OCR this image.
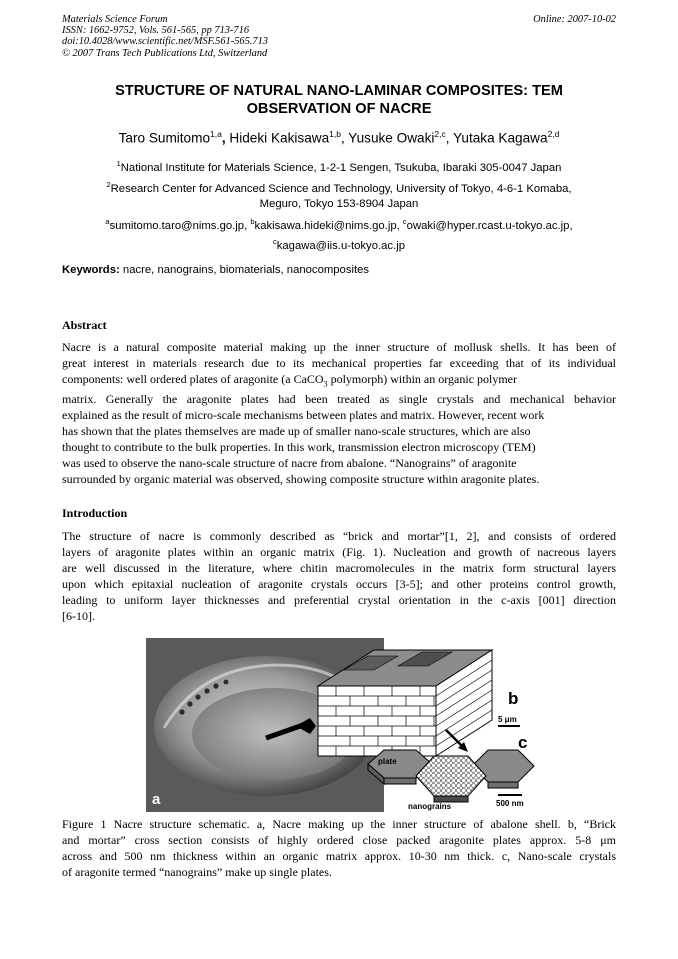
Materials Science Forum
ISSN: 1662-9752, Vols. 561-565, pp 713-716
doi:10.4028/www.scientific.net/MSF.561-565.713
© 2007 Trans Tech Publications Ltd, Switzerland
Online: 2007-10-02
STRUCTURE OF NATURAL NANO-LAMINAR COMPOSITES: TEM
OBSERVATION OF NACRE
Taro Sumitomo$^{1,a}$, Hideki Kakisawa$^{1,b}$, Yusuke Owaki$^{2,c}$, Yutaka Kagawa$^{2,d}$
$^1$National Institute for Materials Science, 1-2-1 Sengen, Tsukuba, Ibaraki 305-0047 Japan
$^2$Research Center for Advanced Science and Technology, University of Tokyo, 4-6-1 Komaba,
Meguro, Tokyo 153-8904 Japan
$^a$sumitomo.taro@nims.go.jp, $^b$kakisawa.hideki@nims.go.jp, $^c$owaki@hyper.rcast.u-tokyo.ac.jp,
$^c$kagawa@iis.u-tokyo.ac.jp
Keywords: nacre, nanograins, biomaterials, nanocomposites
Abstract
Nacre is a natural composite material making up the inner structure of mollusk shells. It has been of
great interest in materials research due to its mechanical properties far exceeding that of its individual
components: well ordered plates of aragonite (a CaCO$_3$ polymorph) within an organic polymer
matrix. Generally the aragonite plates had been treated as single crystals and mechanical behavior
explained as the result of micro-scale mechanisms between plates and matrix. However, recent work
has shown that the plates themselves are made up of smaller nano-scale structures, which are also
thought to contribute to the bulk properties. In this work, transmission electron microscopy (TEM)
was used to observe the nano-scale structure of nacre from abalone. “Nanograins” of aragonite
surrounded by organic material was observed, showing composite structure within aragonite plates.
Introduction
The structure of nacre is commonly described as “brick and mortar”[1, 2], and consists of ordered
layers of aragonite plates within an organic matrix (Fig. 1). Nucleation and growth of nacreous layers
are well discussed in the literature, where chitin macromolecules in the matrix form structural layers
upon which epitaxial nucleation of aragonite crystals occurs [3-5]; and other proteins control growth,
leading to uniform layer thicknesses and preferential crystal orientation in the c-axis [001] direction
[6-10].
a
b
5 μm
c
plate
nanograins	500 nm
Figure 1 Nacre structure schematic. a, Nacre making up the inner structure of abalone shell. b, “Brick
and mortar” cross section consists of highly ordered close packed aragonite plates approx. 5-8 μm
across and 500 nm thickness within an organic matrix approx. 10-30 nm thick. c, Nano-scale crystals
of aragonite termed “nanograins” make up single plates.
